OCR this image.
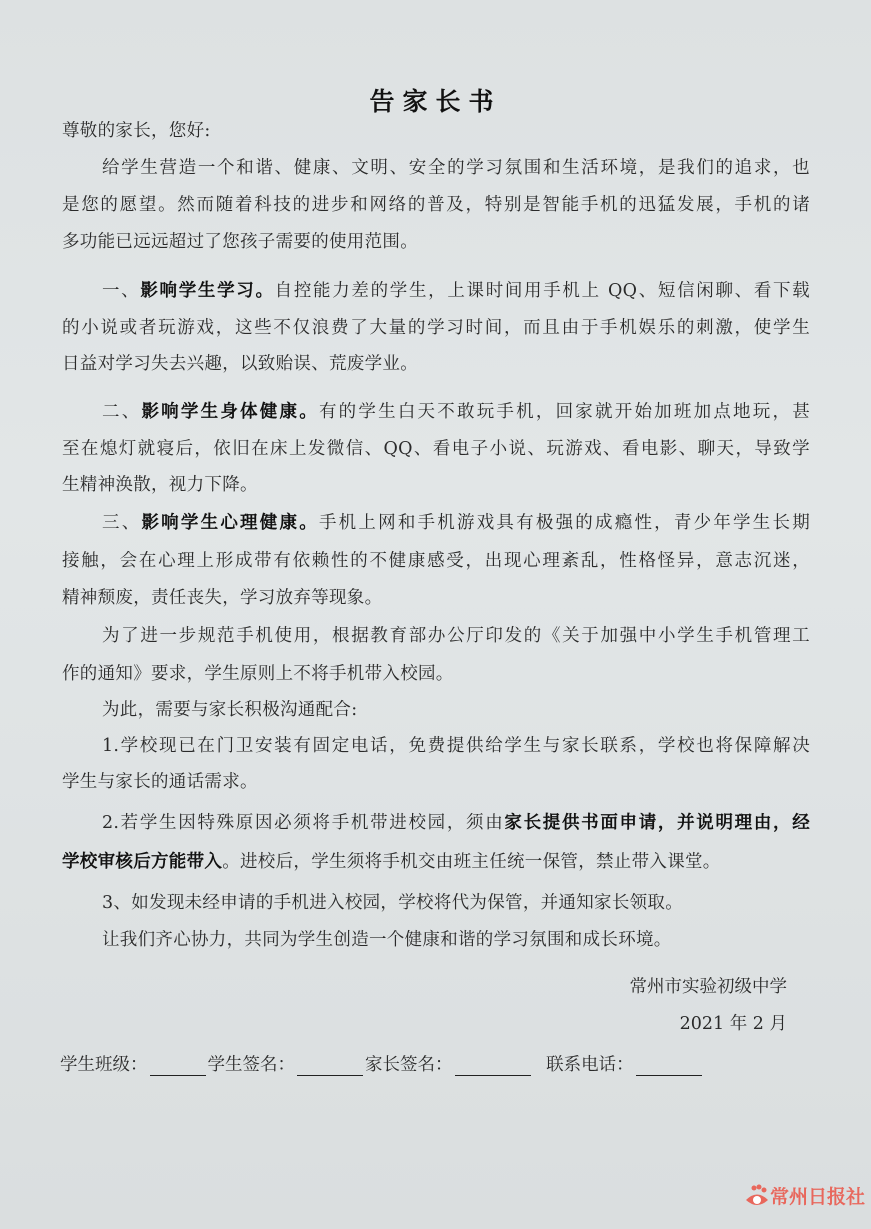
告家长书
尊敬的家长，您好:
给学生营造一个和谐、健康、文明、安全的学习氛围和生活环境，是我们的追求，也
是您的愿望。然而随着科技的进步和网络的普及，特别是智能手机的迅猛发展，手机的诸
多功能已远远超过了您孩子需要的使用范围。
一、影响学生学习。自控能力差的学生，上课时间用手机上 QQ、短信闲聊、看下载
的小说或者玩游戏，这些不仅浪费了大量的学习时间，而且由于手机娱乐的刺激，使学生
日益对学习失去兴趣，以致贻误、荒废学业。
二、影响学生身体健康。有的学生白天不敢玩手机，回家就开始加班加点地玩，甚
至在熄灯就寝后，依旧在床上发微信、QQ、看电子小说、玩游戏、看电影、聊天，导致学
生精神涣散，视力下降。
三、影响学生心理健康。手机上网和手机游戏具有极强的成瘾性，青少年学生长期
接触，会在心理上形成带有依赖性的不健康感受，出现心理紊乱，性格怪异，意志沉迷，
精神颓废，责任丧失，学习放弃等现象。
为了进一步规范手机使用，根据教育部办公厅印发的《关于加强中小学生手机管理工
作的通知》要求，学生原则上不将手机带入校园。
为此，需要与家长积极沟通配合:
1.学校现已在门卫安装有固定电话，免费提供给学生与家长联系，学校也将保障解决
学生与家长的通话需求。
2.若学生因特殊原因必须将手机带进校园，须由家长提供书面申请，并说明理由，经
学校审核后方能带入。进校后，学生须将手机交由班主任统一保管，禁止带入课堂。
3、如发现未经申请的手机进入校园，学校将代为保管，并通知家长领取。
让我们齐心协力，共同为学生创造一个健康和谐的学习氛围和成长环境。
常州市实验初级中学
2021 年 2 月
学生班级：	学生签名：	家长签名：	联系电话：
常州日报社
